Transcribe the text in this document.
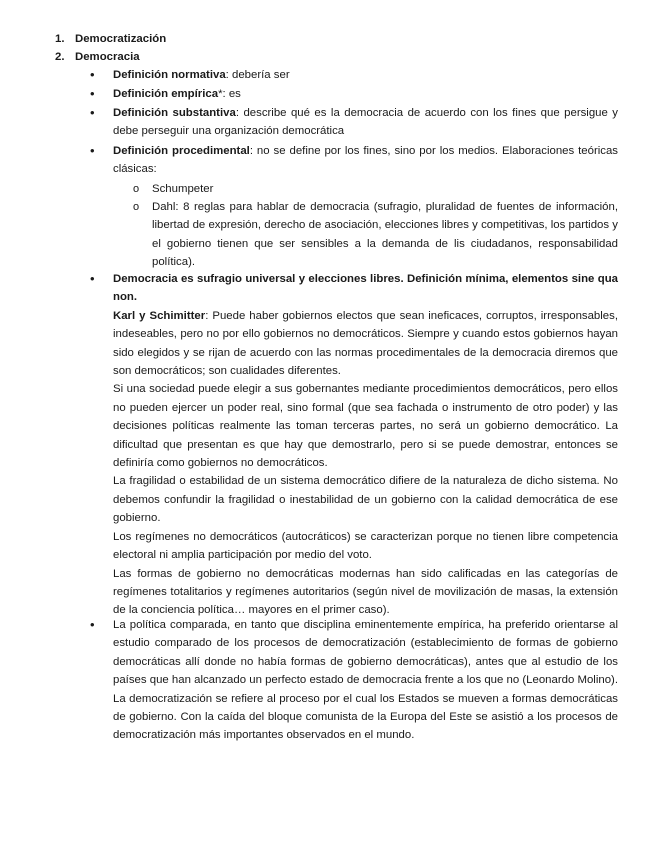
1. Democratización
2. Democracia
• Definición normativa: debería ser
• Definición empírica*: es
• Definición substantiva: describe qué es la democracia de acuerdo con los fines que persigue y debe perseguir una organización democrática
• Definición procedimental: no se define por los fines, sino por los medios. Elaboraciones teóricas clásicas:
o Schumpeter
o Dahl: 8 reglas para hablar de democracia (sufragio, pluralidad de fuentes de información, libertad de expresión, derecho de asociación, elecciones libres y competitivas, los partidos y el gobierno tienen que ser sensibles a la demanda de lis ciudadanos, responsabilidad política).
• Democracia es sufragio universal y elecciones libres. Definición mínima, elementos sine qua non.
Karl y Schimitter: Puede haber gobiernos electos que sean ineficaces, corruptos, irresponsables, indeseables, pero no por ello gobiernos no democráticos. Siempre y cuando estos gobiernos hayan sido elegidos y se rijan de acuerdo con las normas procedimentales de la democracia diremos que son democráticos; son cualidades diferentes.
Si una sociedad puede elegir a sus gobernantes mediante procedimientos democráticos, pero ellos no pueden ejercer un poder real, sino formal (que sea fachada o instrumento de otro poder) y las decisiones políticas realmente las toman terceras partes, no será un gobierno democrático. La dificultad que presentan es que hay que demostrarlo, pero si se puede demostrar, entonces se definiría como gobiernos no democráticos.
La fragilidad o estabilidad de un sistema democrático difiere de la naturaleza de dicho sistema. No debemos confundir la fragilidad o inestabilidad de un gobierno con la calidad democrática de ese gobierno.
Los regímenes no democráticos (autocráticos) se caracterizan porque no tienen libre competencia electoral ni amplia participación por medio del voto.
Las formas de gobierno no democráticas modernas han sido calificadas en las categorías de regímenes totalitarios y regímenes autoritarios (según nivel de movilización de masas, la extensión de la conciencia política… mayores en el primer caso).
• La política comparada, en tanto que disciplina eminentemente empírica, ha preferido orientarse al estudio comparado de los procesos de democratización (establecimiento de formas de gobierno democráticas allí donde no había formas de gobierno democráticas), antes que al estudio de los países que han alcanzado un perfecto estado de democracia frente a los que no (Leonardo Molino). La democratización se refiere al proceso por el cual los Estados se mueven a formas democráticas de gobierno. Con la caída del bloque comunista de la Europa del Este se asistió a los procesos de democratización más importantes observados en el mundo.
